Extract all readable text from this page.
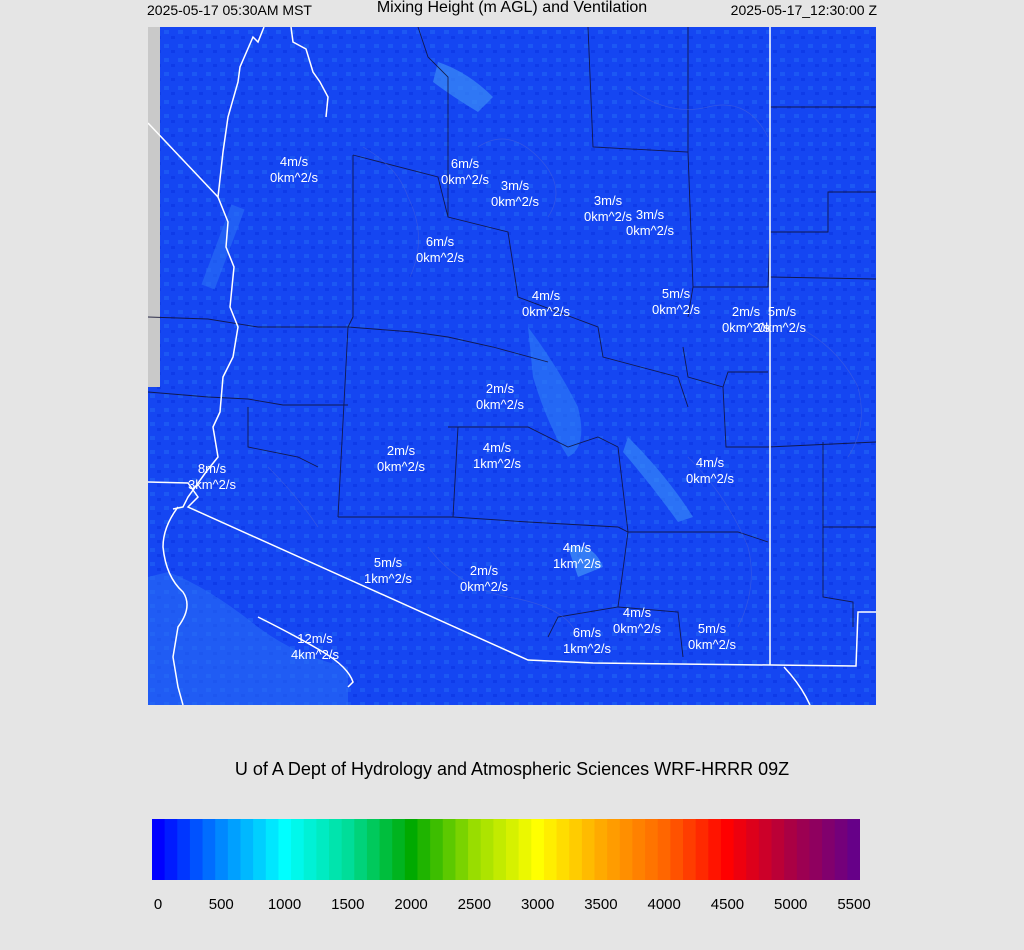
2025-05-17 05:30AM MST	Mixing Height (m AGL) and Ventilation	2025-05-17_12:30:00 Z
4m/s
0km^2/s
6m/s
0km^2/s 3m/s
0km^2/s	3m/s
0km^2/s 3m/s
0km^2/s
6m/s
0km^2/s
4m/s
0km^2/s
5m/s
0km^2/s 2m/s
0km^2/s
5m/s
0km^2/s
2m/s
0km^2/s
2m/s
0km^2/s
4m/s
1km^2/s	4m/s
0km^2/s
8m/s
3km^2/s
5m/s
1km^2/s
2m/s
0km^2/s
4m/s
1km^2/s
4m/s
0km^2/s	5m/s
0km^2/s
6m/s
1km^2/s
12m/s
4km^2/s
U of A Dept of Hydrology and Atmospheric Sciences WRF-HRRR 09Z
0	500	1000	1500	2000	2500	3000	3500	4000	4500	5000	5500
